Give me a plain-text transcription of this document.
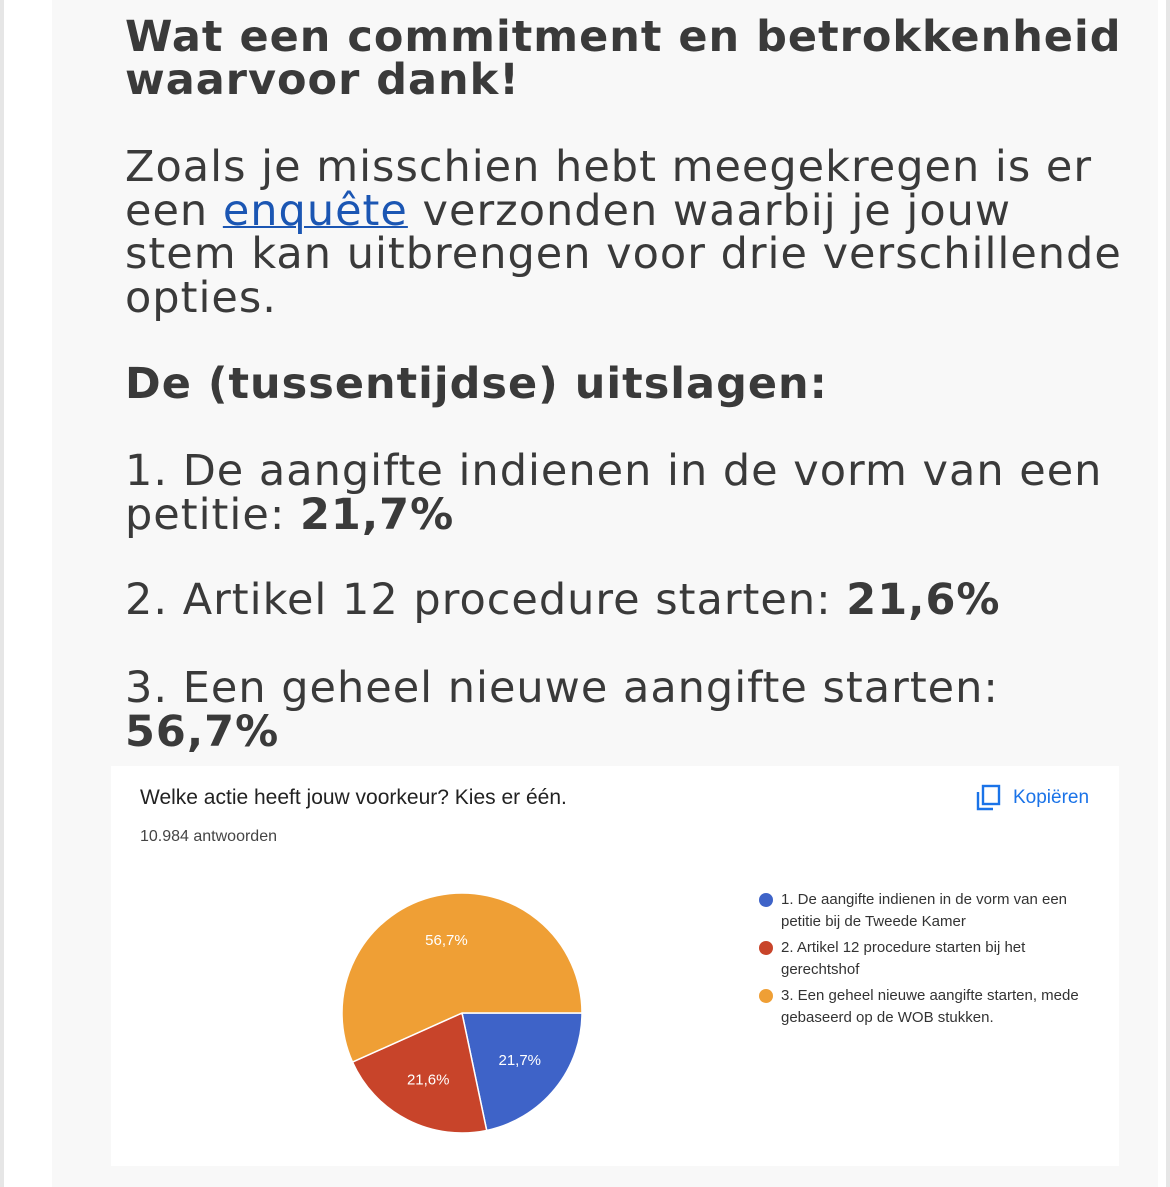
Wat een commitment en betrokkenheid waarvoor dank!
Zoals je misschien hebt meegekregen is er een enquête verzonden waarbij je jouw stem kan uitbrengen voor drie verschillende opties.
De (tussentijdse) uitslagen:
1. De aangifte indienen in de vorm van een petitie: 21,7%
2. Artikel 12 procedure starten: 21,6%
3. Een geheel nieuwe aangifte starten: 56,7%
Welke actie heeft jouw voorkeur? Kies er één.
10.984 antwoorden
Kopiëren
21,7%
21,6%
56,7%
1. De aangifte indienen in de vorm van een petitie bij de Tweede Kamer
2. Artikel 12 procedure starten bij het gerechtshof
3. Een geheel nieuwe aangifte starten, mede gebaseerd op de WOB stukken.
